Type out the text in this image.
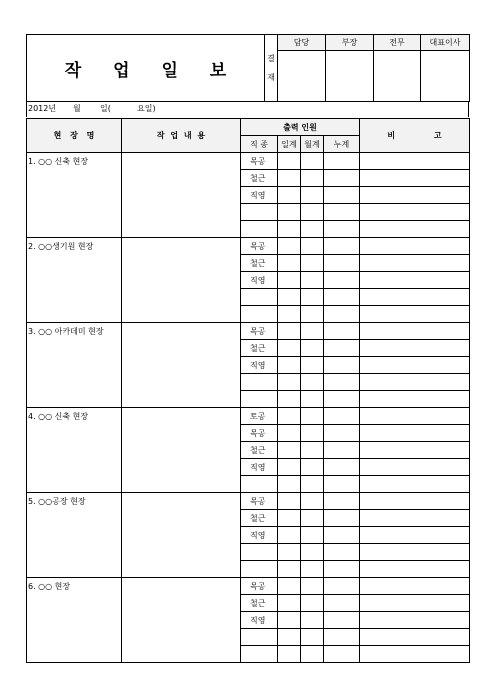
작 업 일 보	결
재	담당	부장	전무	대표이사

2012년 월 일(	요일)
현 장 명	작 업 내 용	출력 인원				비 고
		직 종	일계	월계	누계	
1. ○○ 신축 현장		목공				
		철근				
		직영				

2. ○○생기원 현장		목공				
		철근				
		직영				

3. ○○ 아카데미 현장		목공				
		철근				
		직영				

4. ○○ 신축 현장		토공				
		목공				
		철근				
		직영				

5. ○○공장 현장		목공				
		철근				
		직영				

6. ○○ 현장		목공				
		철근				
		직영				
